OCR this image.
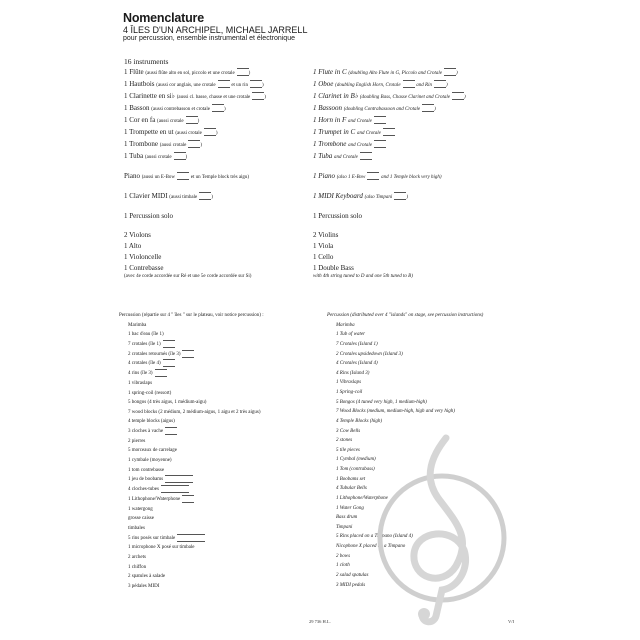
Nomenclature
4 ÎLES D'UN ARCHIPEL, MICHAEL JARRELL
pour percussion, ensemble instrumental et électronique
16 instruments
1 Flûte (aussi flûte alto en sol, piccolo et une crotale	)
1 Hautbois (aussi cor anglais, une crotale	et un rin	)
1 Clarinette en si♭ (aussi cl. basse, chasse et une crotale	)
1 Basson (aussi contrebasson et crotale	)
1 Cor en fa (aussi crotale	)
1 Trompette en ut (aussi crotale	)
1 Trombone (aussi crotale	)
1 Tuba (aussi crotale	)
Piano (aussi un E-Bow	et un Temple block très aigu)
1 Clavier MIDI (aussi timbale	)
1 Percussion solo
2 Violons
1 Alto
1 Violoncelle
1 Contrebasse
(avec 4e corde accordée sur Ré et une 5e corde accordée sur Si)
1 Flute in C (doubling Alto Flute in G, Piccolo and Crotale	)
1 Oboe (doubling English Horn, Crotale	and Rin	)
1 Clarinet in B♭ (doubling Bass, Chasse Clarinet and Crotale	)
1 Bassoon (doubling Contrabassoon and Crotale	)
1 Horn in F and Crotale
1 Trumpet in C and Crotale
1 Trombone and Crotale
1 Tuba and Crotale
1 Piano (also 1 E-Bow	and 1 Temple block very high)
1 MIDI Keyboard (also Timpani	)
1 Percussion solo
2 Violins
1 Viola
1 Cello
1 Double Bass
with 4th string tuned to D and one 5th tuned to B)
Percussion (répartie sur 4 " îles " sur le plateau, voir notice percussion) :
Marimba
1 bac d'eau (île 1)
7 crotales (île 1)
2 crotales retournés (île 3)
4 crotales (île 4)
4 rins (île 3)
1 vibraslaps
1 spring-coil (ressort)
5 bongos (4 très aigus, 1 médium-aigu)
7 wood blocks (2 médium, 2 médium-aigus, 1 aigu et 2 très aigus)
4 temple blocks (aigus)
3 cloches à vache
2 pierres
5 morceaux de carrelage
1 cymbale (moyenne)
1 tom contrebasse
1 jeu de boobams
4 cloches-tubes
1 Lithophone/Waterphone
1 watergong
grosse caisse
timbales
5 rins posés sur timbale
1 microphone X posé sur timbale
2 archets
1 chiffon
2 spatules à salade
3 pédales MIDI
Percussion (distributed over 4 "islands" on stage, see percussion instructions)
Marimba
1 Tub of water
7 Crotales (Island 1)
2 Crotales upsidedown (Island 3)
4 Crotales (Island 4)
4 Rins (Island 3)
1 Vibraslaps
1 Spring-coil
5 Bongos (4 tuned very high, 1 medium-high)
7 Wood Blocks (medium, medium-high, high and very high)
4 Temple Blocks (high)
3 Cow Bells
2 stones
5 tile pieces
1 Cymbal (medium)
1 Tom (contrabass)
1 Boobams set
4 Tubular Bells
1 Lithophone/Waterphone
1 Water Gong
Bass drum
Timpani
5 Rins placed on a Timpano (Island 4)
Nicophone X placed on a Timpano
2 bows
1 cloth
2 salad spatulas
3 MIDI pedals
29 736 H.L.	V/I
